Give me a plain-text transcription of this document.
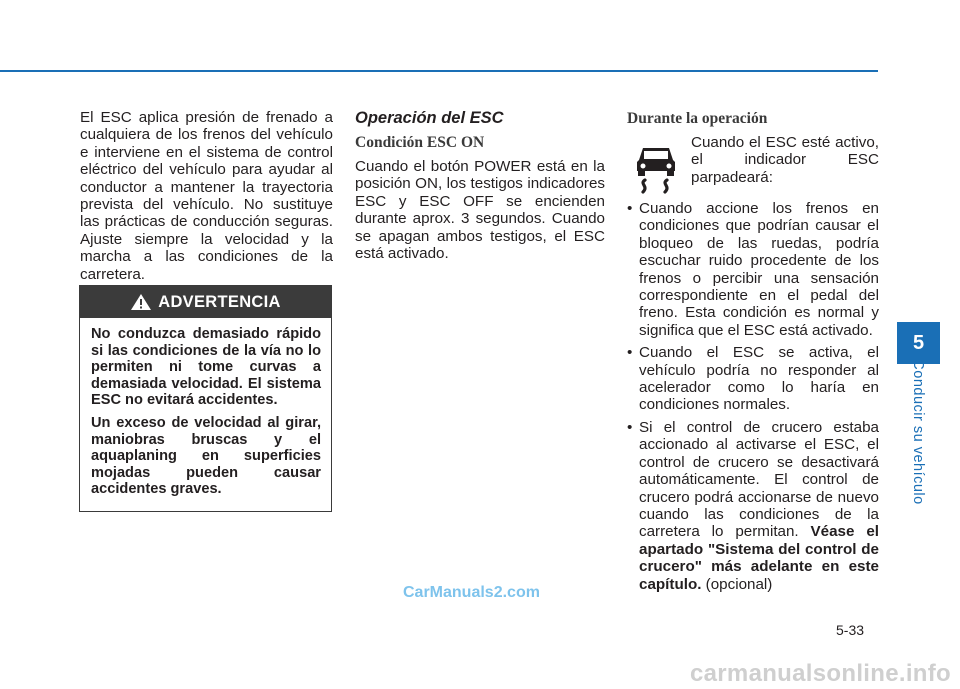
El ESC aplica presión de frenado a cualquiera de los frenos del vehículo e interviene en el sistema de control eléctrico del vehículo para ayudar al conductor a mantener la trayectoria prevista del vehículo. No sustituye las prácticas de conducción seguras. Ajuste siempre la velocidad y la marcha a las condiciones de la carretera.

ADVERTENCIA

No conduzca demasiado rápido si las condiciones de la vía no lo permiten ni tome curvas a demasiada velocidad. El sistema ESC no evitará accidentes.

Un exceso de velocidad al girar, maniobras bruscas y el aquaplaning en superficies mojadas pueden causar accidentes graves.

Operación del ESC
Condición ESC ON

Cuando el botón POWER está en la posición ON, los testigos indicadores ESC y ESC OFF se encienden durante aprox. 3 segundos. Cuando se apagan ambos testigos, el ESC está activado.

Durante la operación
Cuando el ESC esté activo, el indicador ESC parpadeará:
• Cuando accione los frenos en condiciones que podrían causar el bloqueo de las ruedas, podría escuchar ruido procedente de los frenos o percibir una sensación correspondiente en el pedal del freno. Esta condición es normal y significa que el ESC está activado.
• Cuando el ESC se activa, el vehículo podría no responder al acelerador como lo haría en condiciones normales.
• Si el control de crucero estaba accionado al activarse el ESC, el control de crucero se desactivará automáticamente. El control de crucero podrá accionarse de nuevo cuando las condiciones de la carretera lo permitan. Véase el apartado "Sistema del control de crucero" más adelante en este capítulo. (opcional)
5
Conducir su vehículo
5-33
CarManuals2.com
carmanualsonline.info
